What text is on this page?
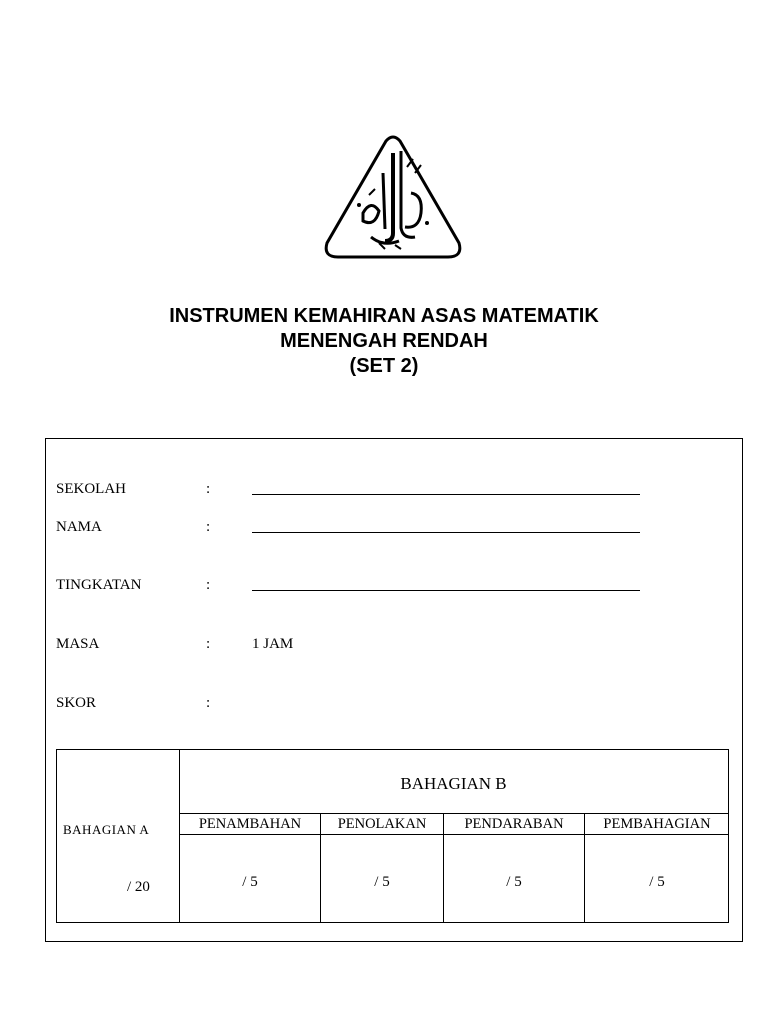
INSTRUMEN KEMAHIRAN ASAS MATEMATIK
MENENGAH RENDAH
(SET 2)
SEKOLAH	:
NAMA	:
TINGKATAN	:
MASA	:	1 JAM
SKOR	:
BAHAGIAN A
/ 20
BAHAGIAN B
PENAMBAHAN	PENOLAKAN	PENDARABAN	PEMBAHAGIAN
/ 5	/ 5	/ 5	/ 5
